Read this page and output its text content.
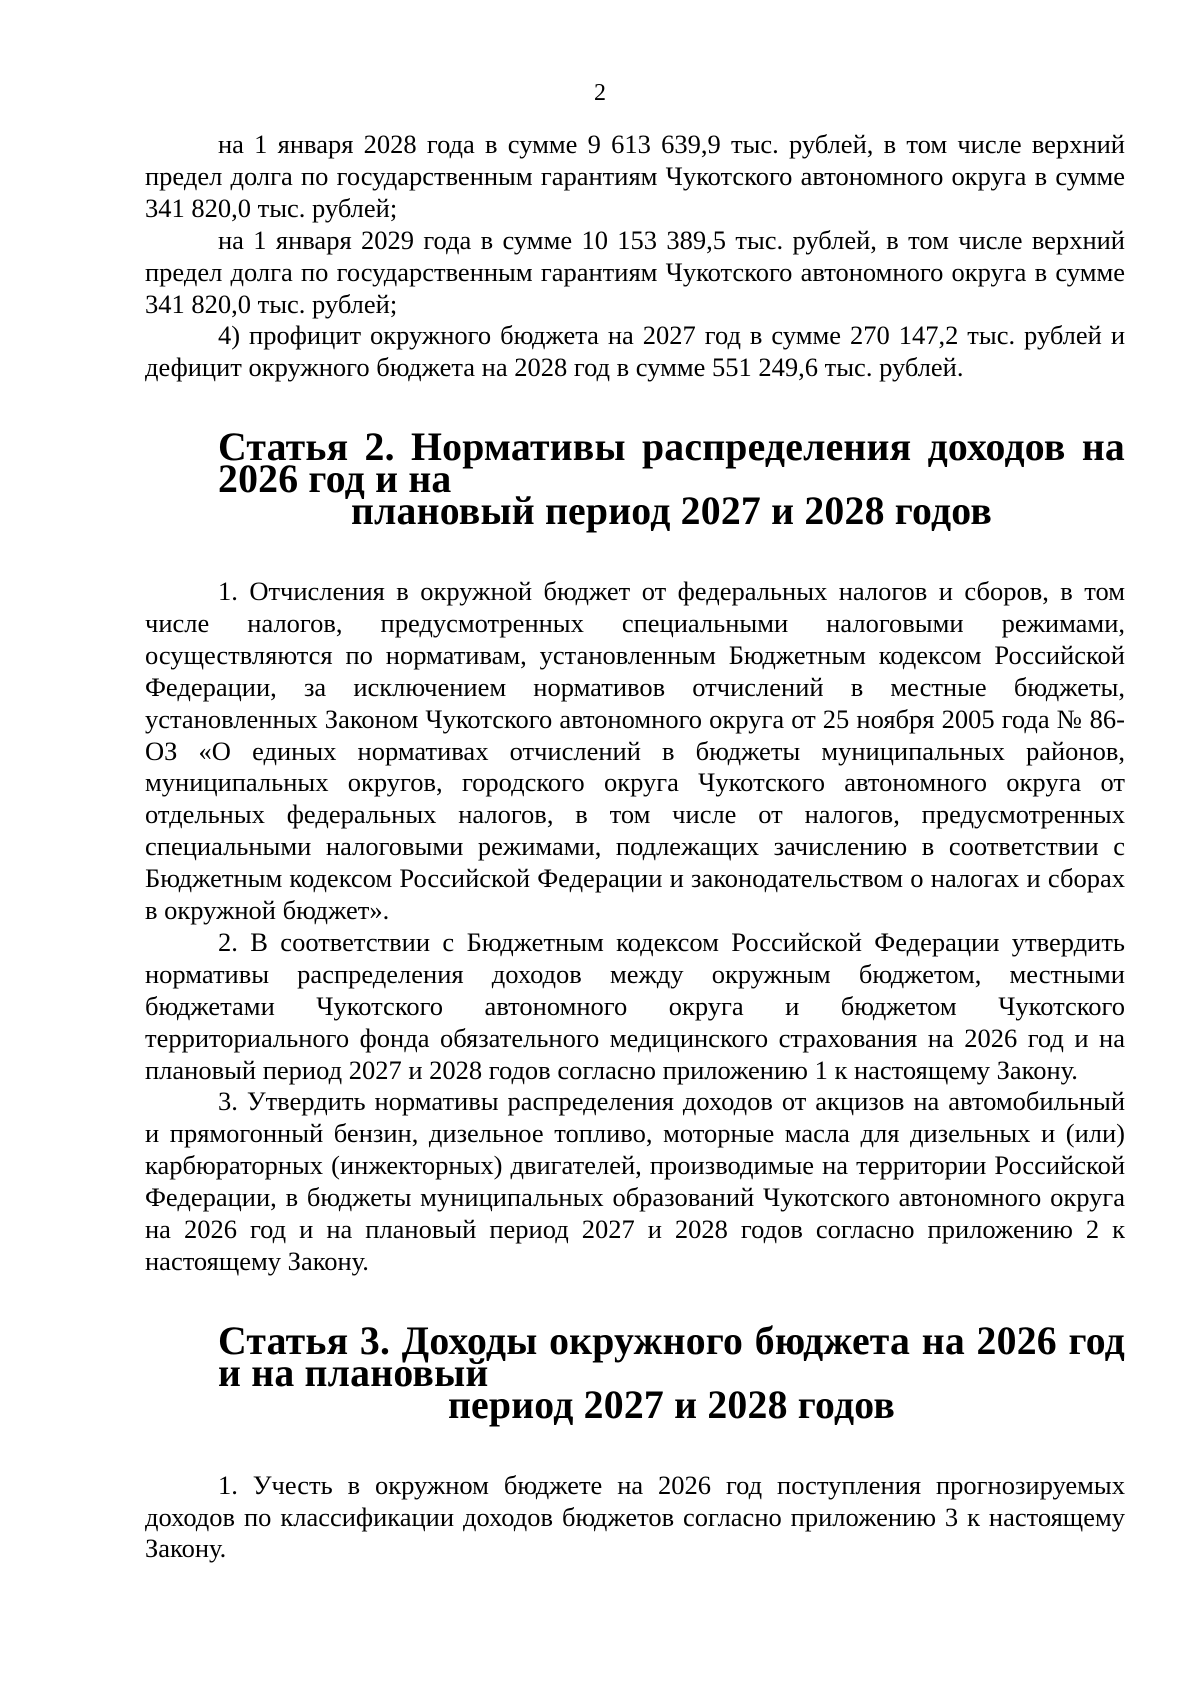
2

на 1 января 2028 года в сумме 9 613 639,9 тыс. рублей, в том числе верхний предел долга по государственным гарантиям Чукотского автономного округа в сумме 341 820,0 тыс. рублей;

на 1 января 2029 года в сумме 10 153 389,5 тыс. рублей, в том числе верхний предел долга по государственным гарантиям Чукотского автономного округа в сумме 341 820,0 тыс. рублей;

4) профицит окружного бюджета на 2027 год в сумме 270 147,2 тыс. рублей и дефицит окружного бюджета на 2028 год в сумме 551 249,6 тыс. рублей.

Статья 2. Нормативы распределения доходов на 2026 год и на
плановый период 2027 и 2028 годов

1. Отчисления в окружной бюджет от федеральных налогов и сборов, в том числе налогов, предусмотренных специальными налоговыми режимами, осуществляются по нормативам, установленным Бюджетным кодексом Российской Федерации, за исключением нормативов отчислений в местные бюджеты, установленных Законом Чукотского автономного округа от 25 ноября 2005 года № 86-ОЗ «О единых нормативах отчислений в бюджеты муниципальных районов, муниципальных округов, городского округа Чукотского автономного округа от отдельных федеральных налогов, в том числе от налогов, предусмотренных специальными налоговыми режимами, подлежащих зачислению в соответствии с Бюджетным кодексом Российской Федерации и законодательством о налогах и сборах в окружной бюджет».

2. В соответствии с Бюджетным кодексом Российской Федерации утвердить нормативы распределения доходов между окружным бюджетом, местными бюджетами Чукотского автономного округа и бюджетом Чукотского территориального фонда обязательного медицинского страхования на 2026 год и на плановый период 2027 и 2028 годов согласно приложению 1 к настоящему Закону.

3. Утвердить нормативы распределения доходов от акцизов на автомобильный и прямогонный бензин, дизельное топливо, моторные масла для дизельных и (или) карбюраторных (инжекторных) двигателей, производимые на территории Российской Федерации, в бюджеты муниципальных образований Чукотского автономного округа на 2026 год и на плановый период 2027 и 2028 годов согласно приложению 2 к настоящему Закону.

Статья 3. Доходы окружного бюджета на 2026 год и на плановый
период 2027 и 2028 годов

1. Учесть в окружном бюджете на 2026 год поступления прогнозируемых доходов по классификации доходов бюджетов согласно приложению 3 к настоящему Закону.
